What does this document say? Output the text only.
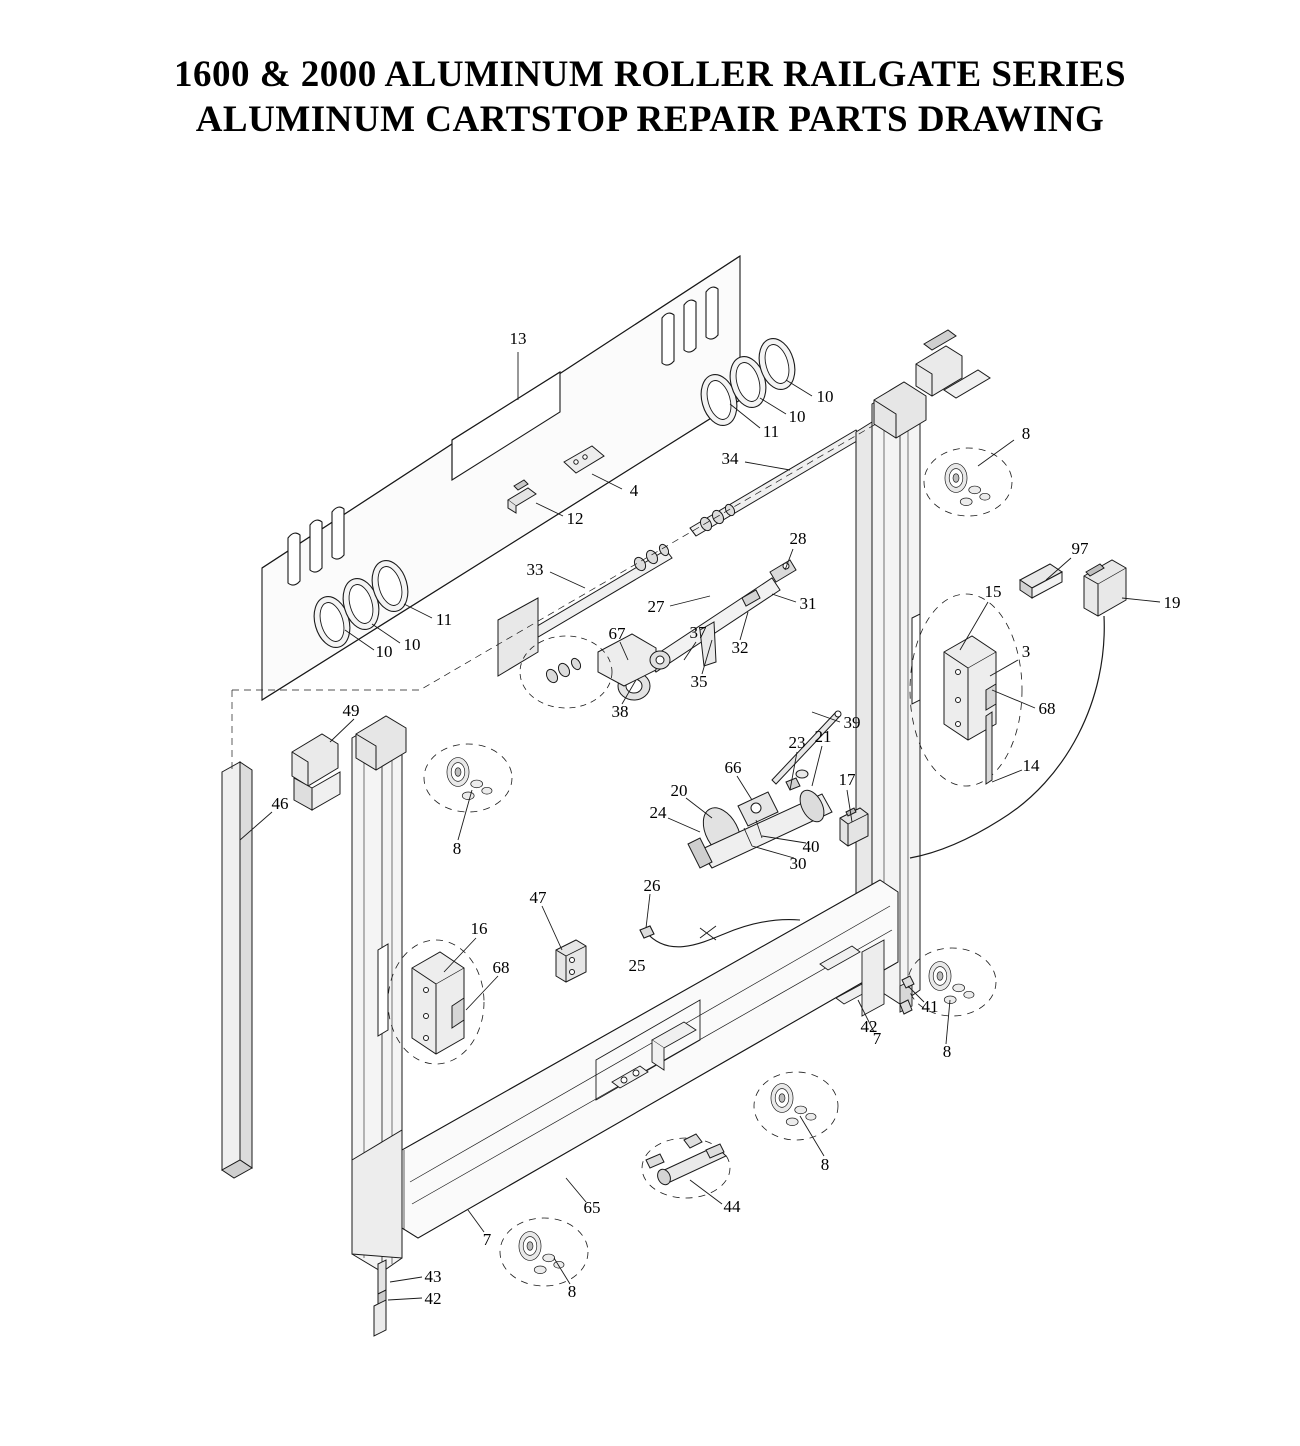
1600 & 2000 ALUMINUM ROLLER RAILGATE SERIES
ALUMINUM CARTSTOP REPAIR PARTS DRAWING
13
10
10
11	8
34
4
12
28
33
97
11
31
27
15
19
10
10
67	37
32	3
35
68
38
39
49
23 21
66	14
17
20
46	24
8	40
30
26
47
16
25
68
41
7
42
8
8
65	44
7
8
43
42
